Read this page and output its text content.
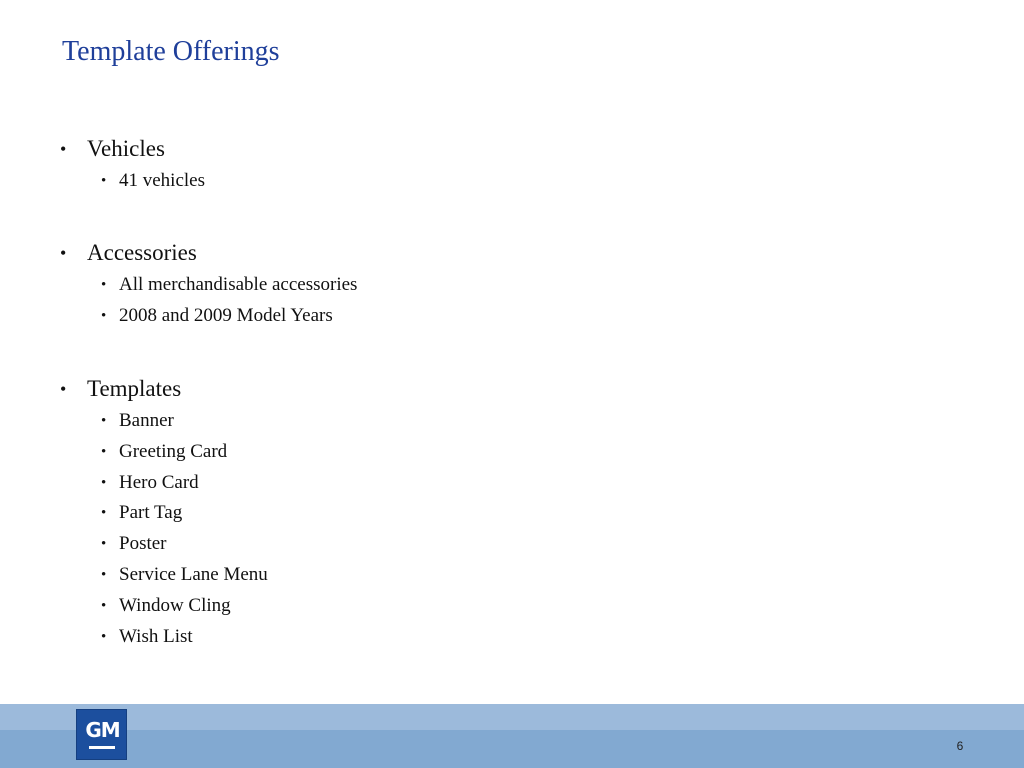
Template Offerings
• Vehicles
• 41 vehicles
• Accessories
• All merchandisable accessories
• 2008 and 2009 Model Years
• Templates
• Banner
• Greeting Card
• Hero Card
• Part Tag
• Poster
• Service Lane Menu
• Window Cling
• Wish List
GM
6
